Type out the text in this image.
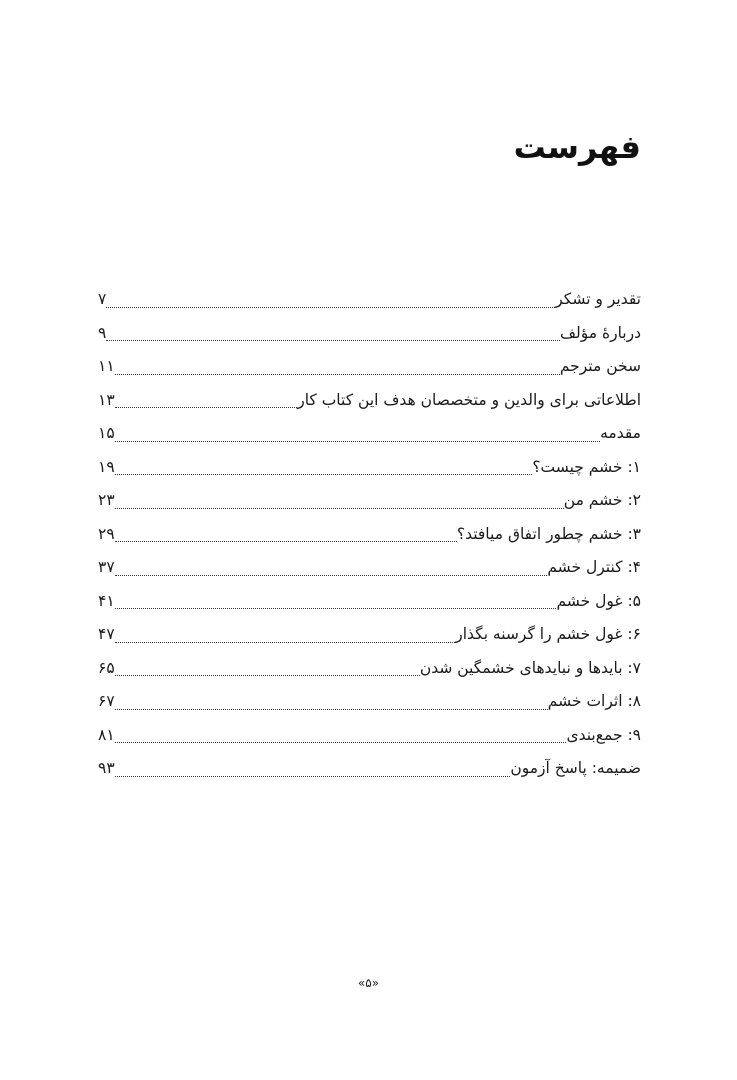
فهرست
تقدیر و تشکر
۷
دربارۀ مؤلف
۹
سخن مترجم
۱۱
اطلاعاتی برای والدین و متخصصان هدف این کتاب کار
۱۳
مقدمه
۱۵
۱: خشم چیست؟
۱۹
۲: خشم من
۲۳
۳: خشم چطور اتفاق میافتد؟
۲۹
۴: کنترل خشم
۳۷
۵: غول خشم
۴۱
۶: غول خشم را گرسنه بگذار
۴۷
۷: بایدها و نبایدهای خشمگین شدن
۶۵
۸: اثرات خشم
۶۷
۹: جمع‌بندی
۸۱
ضمیمه: پاسخ آزمون
۹۳
«۵»
